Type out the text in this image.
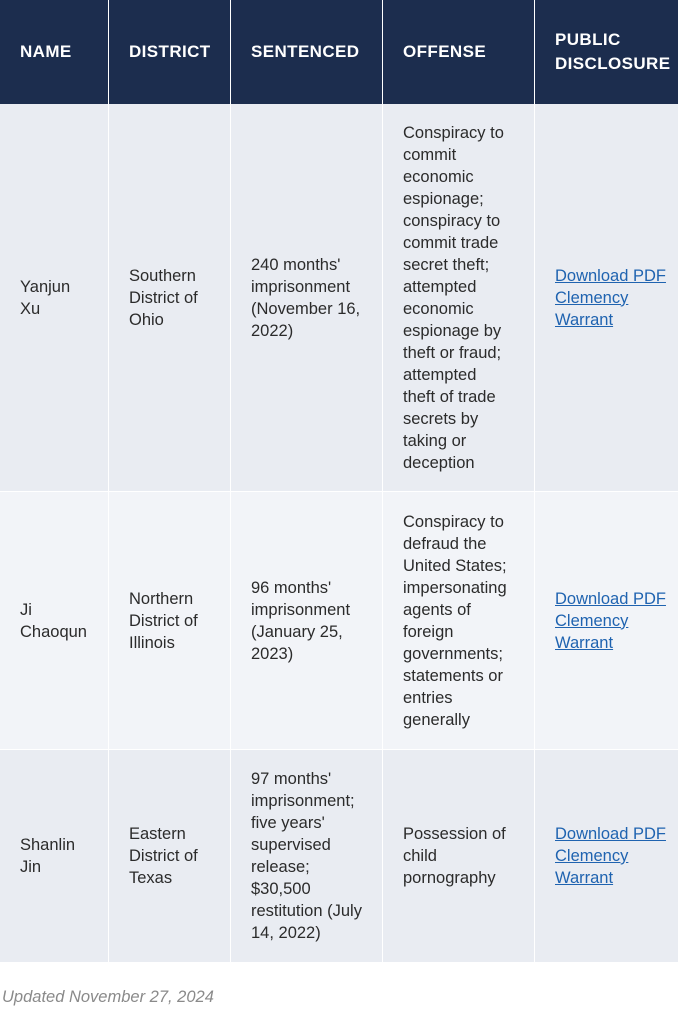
NAME	DISTRICT	SENTENCED	OFFENSE	PUBLIC DISCLOSURE
Yanjun Xu	Southern District of Ohio	240 months' imprisonment (November 16, 2022)	Conspiracy to commit economic espionage; conspiracy to commit trade secret theft; attempted economic espionage by theft or fraud; attempted theft of trade secrets by taking or deception	Download PDF Clemency Warrant

Ji Chaoqun	Northern District of Illinois	96 months' imprisonment (January 25, 2023)	Conspiracy to defraud the United States; impersonating agents of foreign governments; statements or entries generally	Download PDF Clemency Warrant

Shanlin Jin	Eastern District of Texas	97 months' imprisonment; five years' supervised release; $30,500 restitution (July 14, 2022)	Possession of child pornography	Download PDF Clemency Warrant
Updated November 27, 2024
